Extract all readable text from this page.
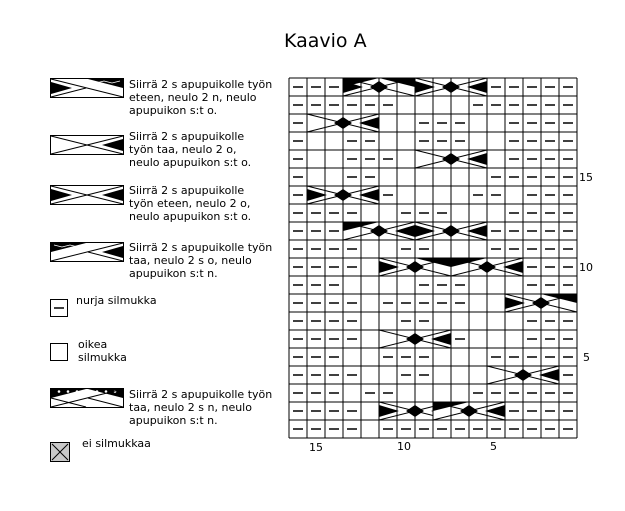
Kaavio A
Siirrä 2 s apupuikolle työn
eteen, neulo 2 n, neulo
apupuikon s:t o.
Siirrä 2 s apupuikolle
työn taa, neulo 2 o,
neulo apupuikon s:t o.
Siirrä 2 s apupuikolle
työn eteen, neulo 2 o,
neulo apupuikon s:t o.
Siirrä 2 s apupuikolle työn
taa, neulo 2 s o, neulo
apupuikon s:t n.
nurja silmukka
oikea
silmukka
Siirrä 2 s apupuikolle työn
taa, neulo 2 s n, neulo
apupuikon s:t n.
ei silmukkaa
15
10
5
15	10	5
